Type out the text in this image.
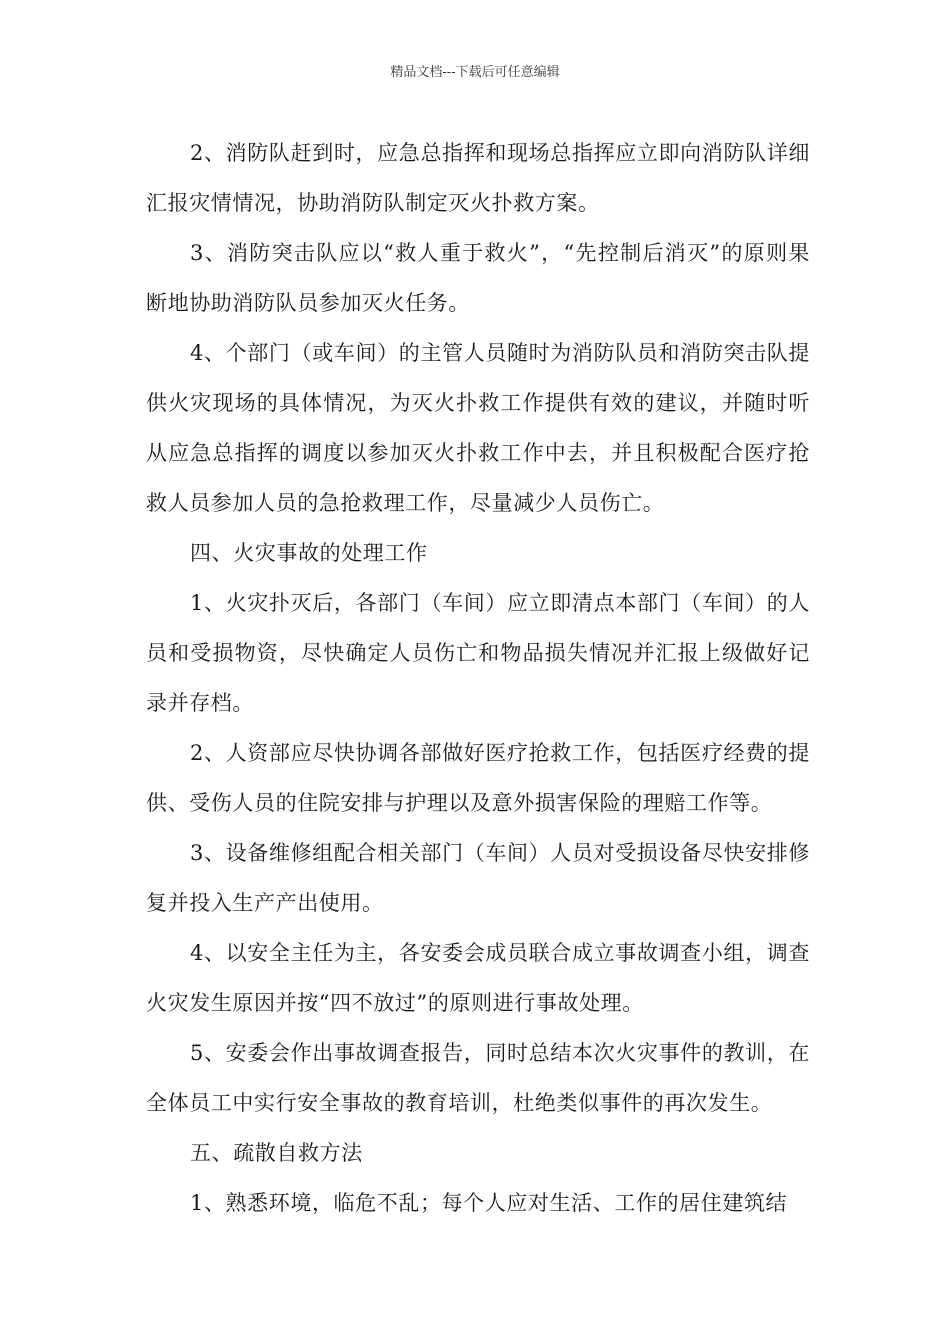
精品文档---下载后可任意编辑

2、消防队赶到时，应急总指挥和现场总指挥应立即向消防队详细汇报灾情情况，协助消防队制定灭火扑救方案。

3、消防突击队应以“救人重于救火”，“先控制后消灭”的原则果断地协助消防队员参加灭火任务。

4、个部门（或车间）的主管人员随时为消防队员和消防突击队提供火灾现场的具体情况，为灭火扑救工作提供有效的建议，并随时听从应急总指挥的调度以参加灭火扑救工作中去，并且积极配合医疗抢救人员参加人员的急抢救理工作，尽量减少人员伤亡。

四、火灾事故的处理工作

1、火灾扑灭后，各部门（车间）应立即清点本部门（车间）的人员和受损物资，尽快确定人员伤亡和物品损失情况并汇报上级做好记录并存档。

2、人资部应尽快协调各部做好医疗抢救工作，包括医疗经费的提供、受伤人员的住院安排与护理以及意外损害保险的理赔工作等。

3、设备维修组配合相关部门（车间）人员对受损设备尽快安排修复并投入生产产出使用。

4、以安全主任为主，各安委会成员联合成立事故调查小组，调查火灾发生原因并按“四不放过”的原则进行事故处理。

5、安委会作出事故调查报告，同时总结本次火灾事件的教训，在全体员工中实行安全事故的教育培训，杜绝类似事件的再次发生。

五、疏散自救方法

1、熟悉环境，临危不乱；每个人应对生活、工作的居住建筑结
